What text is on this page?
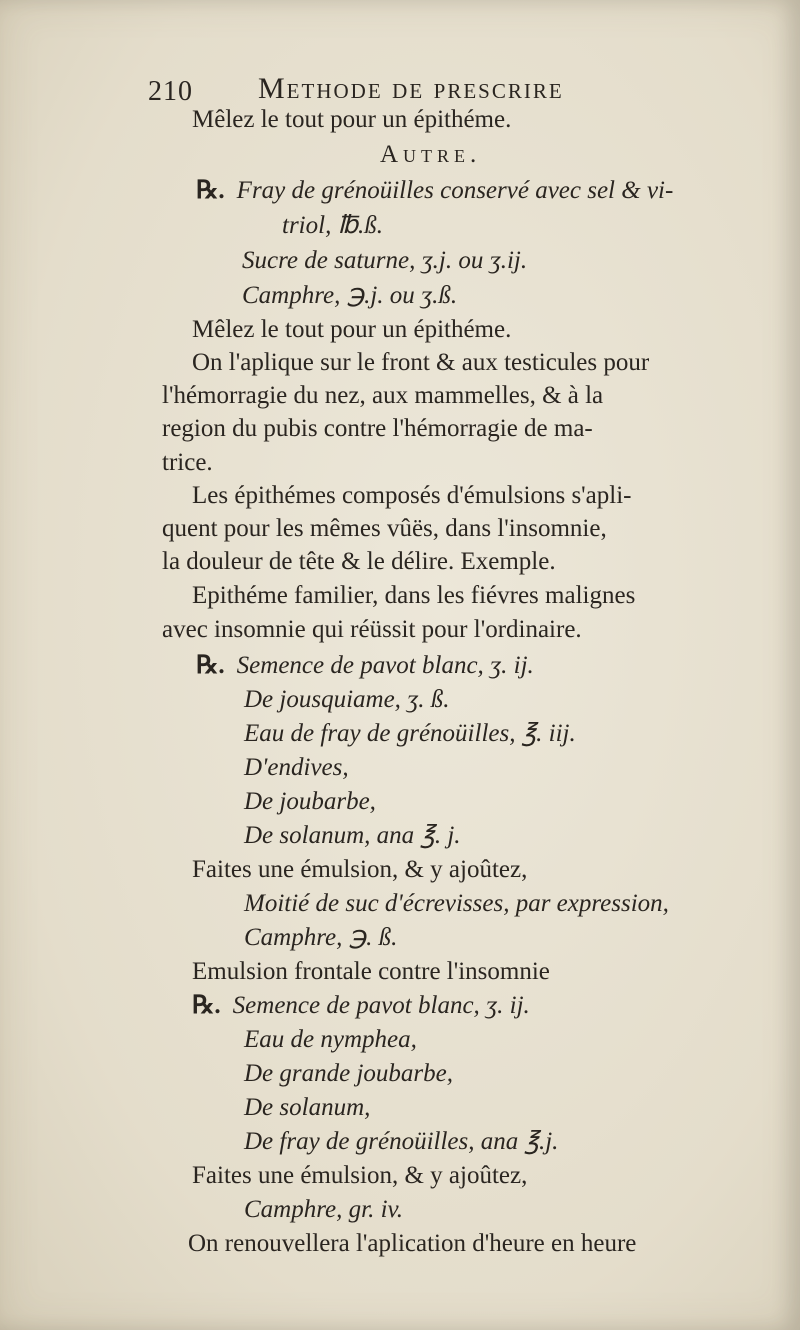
210 Methode de prescrire
Mêlez le tout pour un épithéme.
Autre.
℞. Fray de grénoüilles conservé avec sel & vi-
triol, ℔.ß.
Sucre de saturne, ʒ.j. ou ʒ.ij.
Camphre, ℈.j. ou ʒ.ß.
Mêlez le tout pour un épithéme.
On l'aplique sur le front & aux testicules pour
l'hémorragie du nez, aux mammelles, & à la
region du pubis contre l'hémorragie de ma-
trice.
Les épithémes composés d'émulsions s'apli-
quent pour les mêmes vûës, dans l'insomnie,
la douleur de tête & le délire. Exemple.
Epithéme familier, dans les fiévres malignes
avec insomnie qui réüssit pour l'ordinaire.
℞. Semence de pavot blanc, ʒ. ij.
De jousquiame, ʒ. ß.
Eau de fray de grénoüilles, ℥. iij.
D'endives,
De joubarbe,
De solanum, ana ℥. j.
Faites une émulsion, & y ajoûtez,
Moitié de suc d'écrevisses, par expression,
Camphre, ℈. ß.
Emulsion frontale contre l'insomnie
℞. Semence de pavot blanc, ʒ. ij.
Eau de nymphea,
De grande joubarbe,
De solanum,
De fray de grénoüilles, ana ℥.j.
Faites une émulsion, & y ajoûtez,
Camphre, gr. iv.
On renouvellera l'aplication d'heure en heure
